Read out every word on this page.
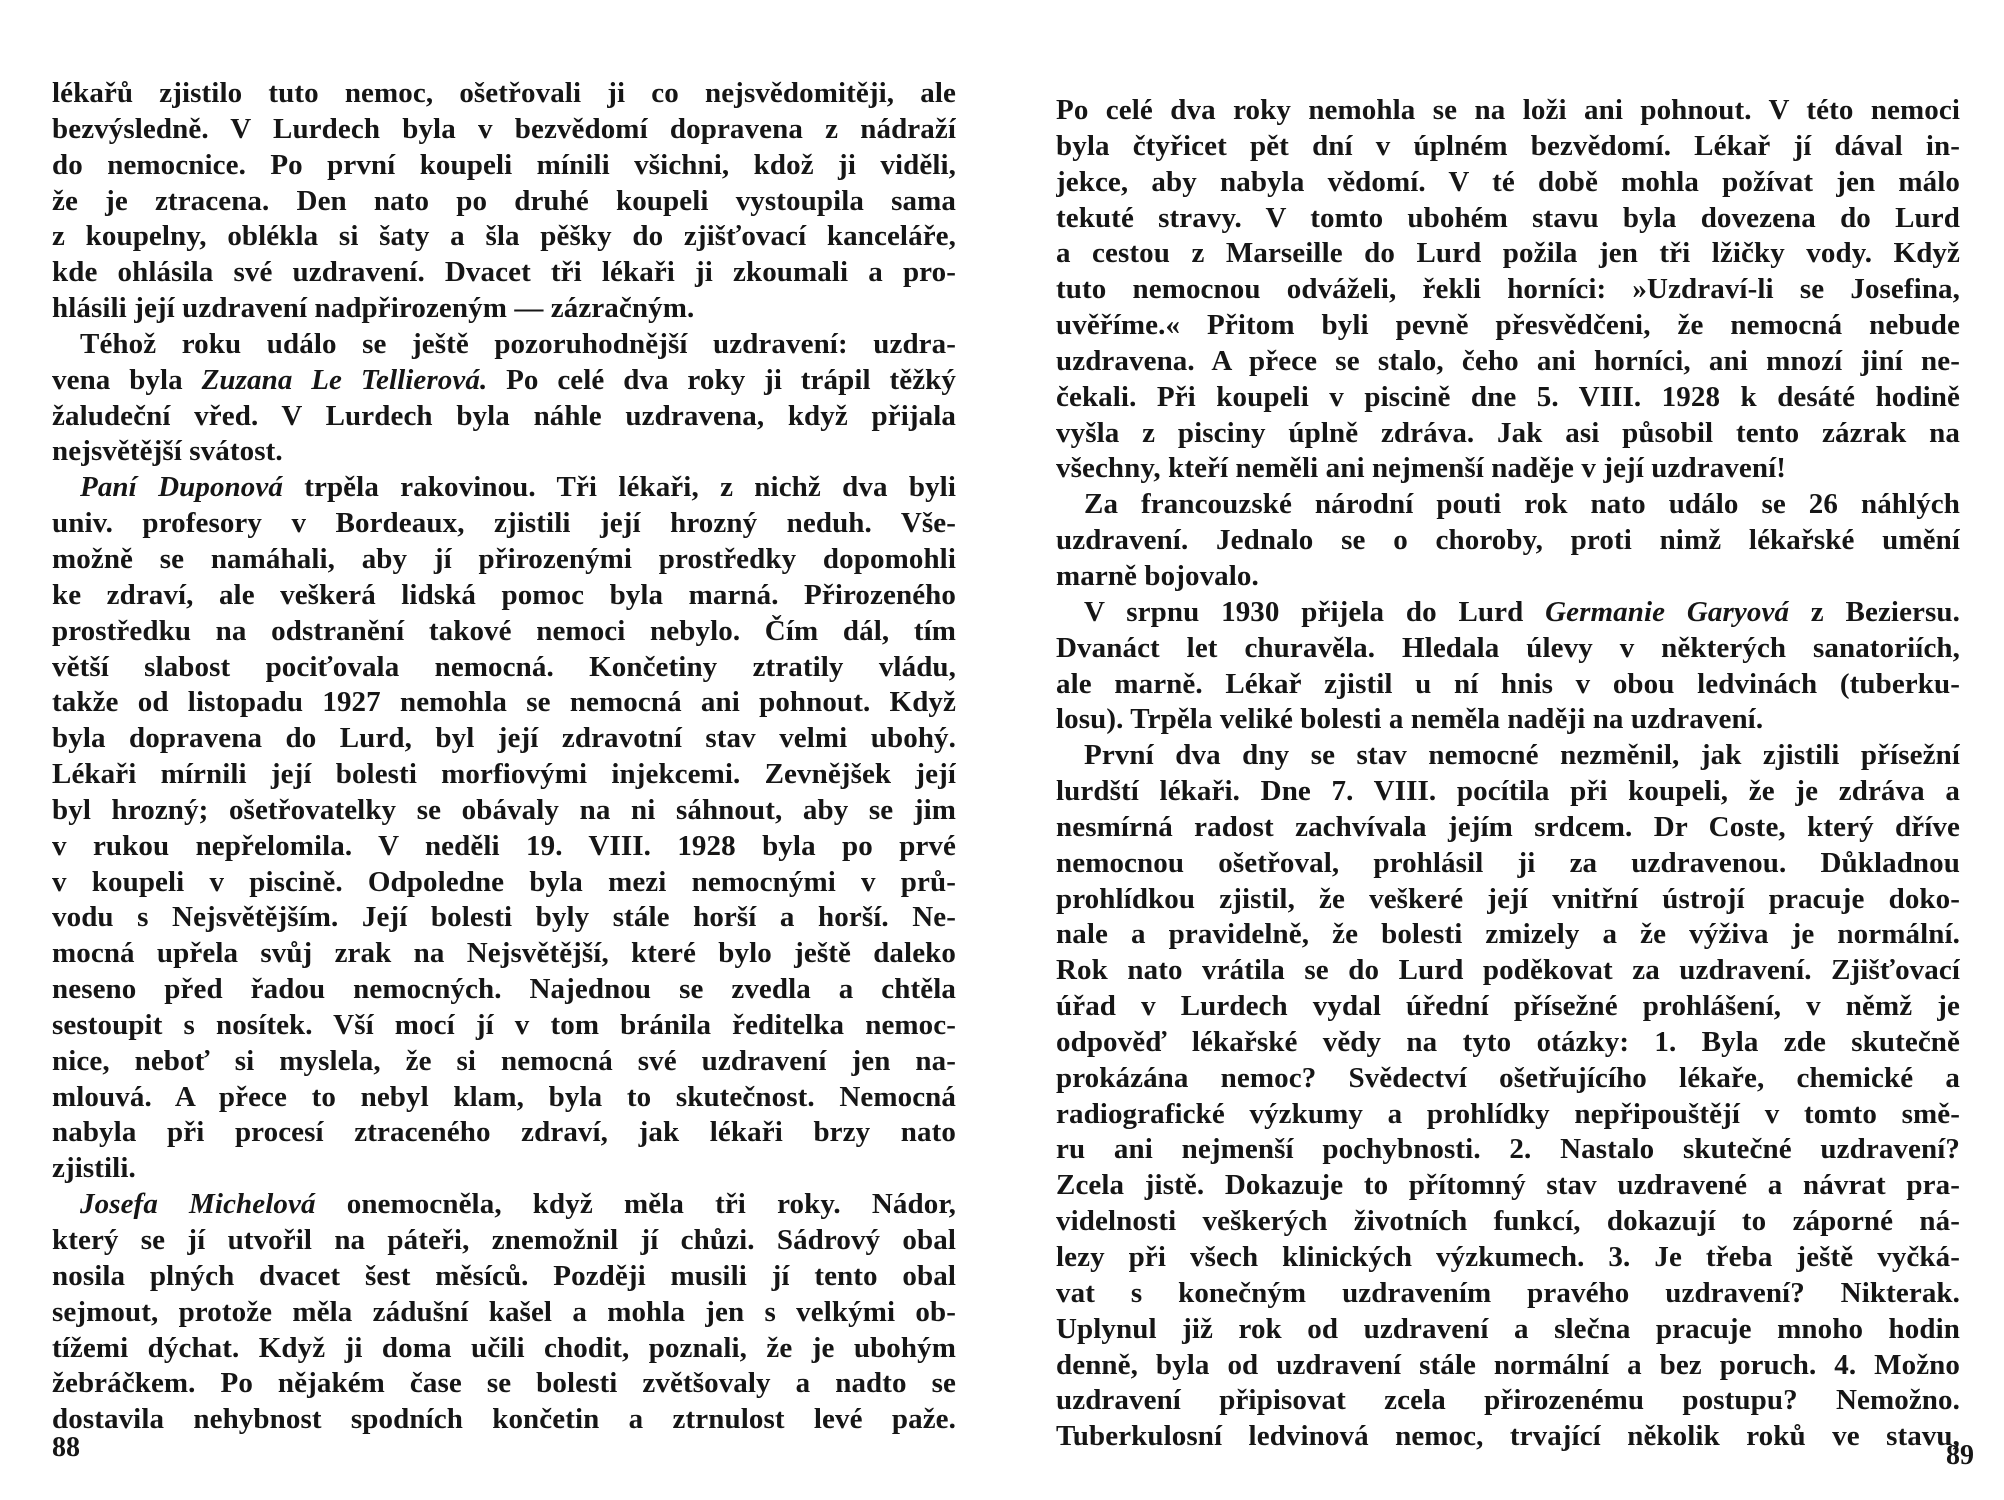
lékařů zjistilo tuto nemoc, ošetřovali ji co nejsvědomitěji, ale
bezvýsledně. V Lurdech byla v bezvědomí dopravena z nádraží
do nemocnice. Po první koupeli mínili všichni, kdož ji viděli,
že je ztracena. Den nato po druhé koupeli vystoupila sama
z koupelny, oblékla si šaty a šla pěšky do zjišťovací kanceláře,
kde ohlásila své uzdravení. Dvacet tři lékaři ji zkoumali a pro-
hlásili její uzdravení nadpřirozeným — zázračným.
Téhož roku událo se ještě pozoruhodnější uzdravení: uzdra-
vena byla Zuzana Le Tellierová. Po celé dva roky ji trápil těžký
žaludeční vřed. V Lurdech byla náhle uzdravena, když přijala
nejsvětější svátost.
Paní Duponová trpěla rakovinou. Tři lékaři, z nichž dva byli
univ. profesory v Bordeaux, zjistili její hrozný neduh. Vše-
možně se namáhali, aby jí přirozenými prostředky dopomohli
ke zdraví, ale veškerá lidská pomoc byla marná. Přirozeného
prostředku na odstranění takové nemoci nebylo. Čím dál, tím
větší slabost pociťovala nemocná. Končetiny ztratily vládu,
takže od listopadu 1927 nemohla se nemocná ani pohnout. Když
byla dopravena do Lurd, byl její zdravotní stav velmi ubohý.
Lékaři mírnili její bolesti morfiovými injekcemi. Zevnějšek její
byl hrozný; ošetřovatelky se obávaly na ni sáhnout, aby se jim
v rukou nepřelomila. V neděli 19. VIII. 1928 byla po prvé
v koupeli v piscině. Odpoledne byla mezi nemocnými v prů-
vodu s Nejsvětějším. Její bolesti byly stále horší a horší. Ne-
mocná upřela svůj zrak na Nejsvětější, které bylo ještě daleko
neseno před řadou nemocných. Najednou se zvedla a chtěla
sestoupit s nosítek. Vší mocí jí v tom bránila ředitelka nemoc-
nice, neboť si myslela, že si nemocná své uzdravení jen na-
mlouvá. A přece to nebyl klam, byla to skutečnost. Nemocná
nabyla při procesí ztraceného zdraví, jak lékaři brzy nato
zjistili.
Josefa Michelová onemocněla, když měla tři roky. Nádor,
který se jí utvořil na páteři, znemožnil jí chůzi. Sádrový obal
nosila plných dvacet šest měsíců. Později musili jí tento obal
sejmout, protože měla zádušní kašel a mohla jen s velkými ob-
tížemi dýchat. Když ji doma učili chodit, poznali, že je ubohým
žebráčkem. Po nějakém čase se bolesti zvětšovaly a nadto se
dostavila nehybnost spodních končetin a ztrnulost levé paže.
88
Po celé dva roky nemohla se na loži ani pohnout. V této nemoci
byla čtyřicet pět dní v úplném bezvědomí. Lékař jí dával in-
jekce, aby nabyla vědomí. V té době mohla požívat jen málo
tekuté stravy. V tomto ubohém stavu byla dovezena do Lurd
a cestou z Marseille do Lurd požila jen tři lžičky vody. Když
tuto nemocnou odváželi, řekli horníci: »Uzdraví-li se Josefina,
uvěříme.« Přitom byli pevně přesvědčeni, že nemocná nebude
uzdravena. A přece se stalo, čeho ani horníci, ani mnozí jiní ne-
čekali. Při koupeli v piscině dne 5. VIII. 1928 k desáté hodině
vyšla z pisciny úplně zdráva. Jak asi působil tento zázrak na
všechny, kteří neměli ani nejmenší naděje v její uzdravení!
Za francouzské národní pouti rok nato událo se 26 náhlých
uzdravení. Jednalo se o choroby, proti nimž lékařské umění
marně bojovalo.
V srpnu 1930 přijela do Lurd Germanie Garyová z Beziersu.
Dvanáct let churavěla. Hledala úlevy v některých sanatoriích,
ale marně. Lékař zjistil u ní hnis v obou ledvinách (tuberku-
losu). Trpěla veliké bolesti a neměla naději na uzdravení.
První dva dny se stav nemocné nezměnil, jak zjistili přísežní
lurdští lékaři. Dne 7. VIII. pocítila při koupeli, že je zdráva a
nesmírná radost zachvívala jejím srdcem. Dr Coste, který dříve
nemocnou ošetřoval, prohlásil ji za uzdravenou. Důkladnou
prohlídkou zjistil, že veškeré její vnitřní ústrojí pracuje doko-
nale a pravidelně, že bolesti zmizely a že výživa je normální.
Rok nato vrátila se do Lurd poděkovat za uzdravení. Zjišťovací
úřad v Lurdech vydal úřední přísežné prohlášení, v němž je
odpověď lékařské vědy na tyto otázky: 1. Byla zde skutečně
prokázána nemoc? Svědectví ošetřujícího lékaře, chemické a
radiografické výzkumy a prohlídky nepřipouštějí v tomto smě-
ru ani nejmenší pochybnosti. 2. Nastalo skutečné uzdravení?
Zcela jistě. Dokazuje to přítomný stav uzdravené a návrat pra-
videlnosti veškerých životních funkcí, dokazují to záporné ná-
lezy při všech klinických výzkumech. 3. Je třeba ještě vyčká-
vat s konečným uzdravením pravého uzdravení? Nikterak.
Uplynul již rok od uzdravení a slečna pracuje mnoho hodin
denně, byla od uzdravení stále normální a bez poruch. 4. Možno
uzdravení připisovat zcela přirozenému postupu? Nemožno.
Tuberkulosní ledvinová nemoc, trvající několik roků ve stavu,
89
